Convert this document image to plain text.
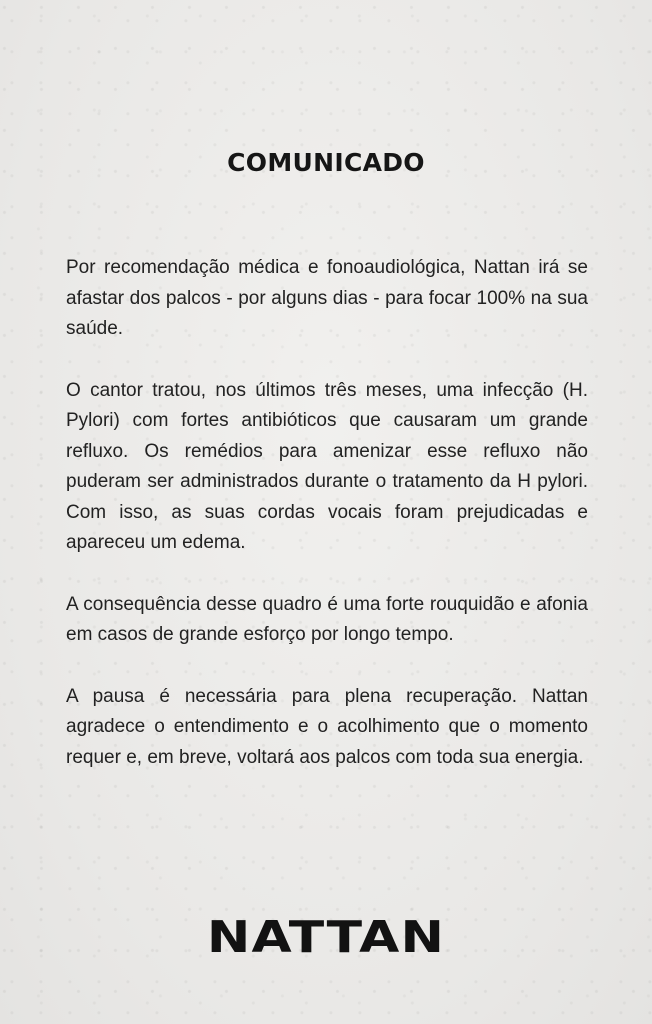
COMUNICADO

Por recomendação médica e fonoaudiológica, Nattan irá se afastar dos palcos - por alguns dias - para focar 100% na sua saúde.

O cantor tratou, nos últimos três meses, uma infecção (H. Pylori) com fortes antibióticos que causaram um grande refluxo. Os remédios para amenizar esse refluxo não puderam ser administrados durante o tratamento da H pylori. Com isso, as suas cordas vocais foram prejudicadas e apareceu um edema.

A consequência desse quadro é uma forte rouquidão e afonia em casos de grande esforço por longo tempo.

A pausa é necessária para plena recuperação. Nattan agradece o entendimento e o acolhimento que o momento requer e, em breve, voltará aos palcos com toda sua energia.

NATTAN
